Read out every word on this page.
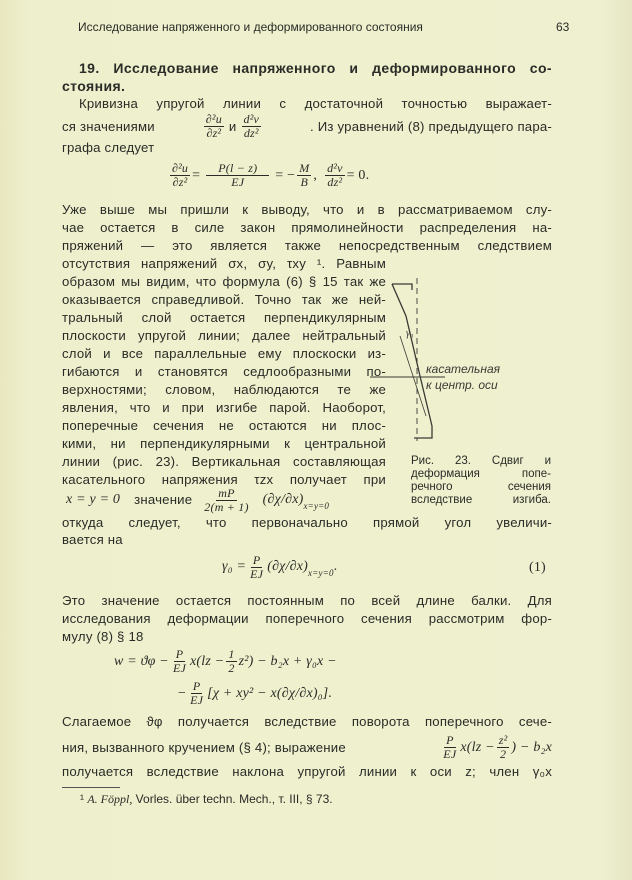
Исследование напряженного и деформированного состояния	63
19. Исследование напряженного и деформированного со-
стояния.
Кривизна упругой линии с достаточной точностью выражает-
ся значениями	$\frac{\text{∂²u}}{\text{∂z²}}$ и $\frac{\text{d²v}}{\text{dz²}}$	. Из уравнений (8) предыдущего пара-
графа следует
$\frac{\text{∂²u}}{\text{∂z²}} = \frac{P(l - z)}{EJ}$ = − $\frac{M}{B}$ , $\frac{\text{d²v}}{\text{dz²}} = 0$.
Уже выше мы пришли к выводу, что и в рассматриваемом слу-
чае остается в силе закон прямолинейности распределения на-
пряжений — это является также непосредственным следствием
отсутствия напряжений σx, σy, τxy ¹. Равным
образом мы видим, что формула (6) § 15 так же
оказывается справедливой. Точно так же ней-
тральный слой остается перпендикулярным
плоскости упругой линии; далее нейтральный
слой и все параллельные ему плоскоски из-
гибаются и становятся седлообразными по-
верхностями; словом, наблюдаются те же
явления, что и при изгибе парой. Наоборот,
поперечные сечения не остаются ни плос-
кими, ни перпендикулярными к центральной
линии (рис. 23). Вертикальная составляющая
касательного напряжения τzx получает при
x = y = 0 значение $\frac{mP}{2(m + 1)} (\partial\chi/\partial x)$ x=y=0
откуда следует, что первоначально прямой угол увеличи-
вается на
$\gamma_0 = \frac{P}{EJ} (\partial\chi/\partial x)$ x=y=0 .	(1)
Это значение остается постоянным по всей длине балки. Для
исследования деформации поперечного сечения рассмотрим фор-
мулу (8) § 18
$w = ϑ\varphi - \frac{P}{EJ} x(lz - \frac{1}{2} z^2) - b_2x + \gamma_0x$ −
− $\frac{P}{EJ} [\chi + xy^2 - x(\partial\chi/\partial x)_0]$.
Слагаемое ϑφ получается вследствие поворота поперечного сече-
ния, вызванного кручением (§ 4); выражение	$\frac{P}{EJ} x(lz - \frac{\text{z²}}{2}$ ) − b₂x
получается вследствие наклона упругой линии к оси z; член γ₀x
¹ A. Föppl, Vorles. über techn. Mech., т. III, § 73.
γ₀
касательная
к центр. оси
Рис. 23. Сдвиг и
деформация попе-
речного сечения
вследствие изгиба.
